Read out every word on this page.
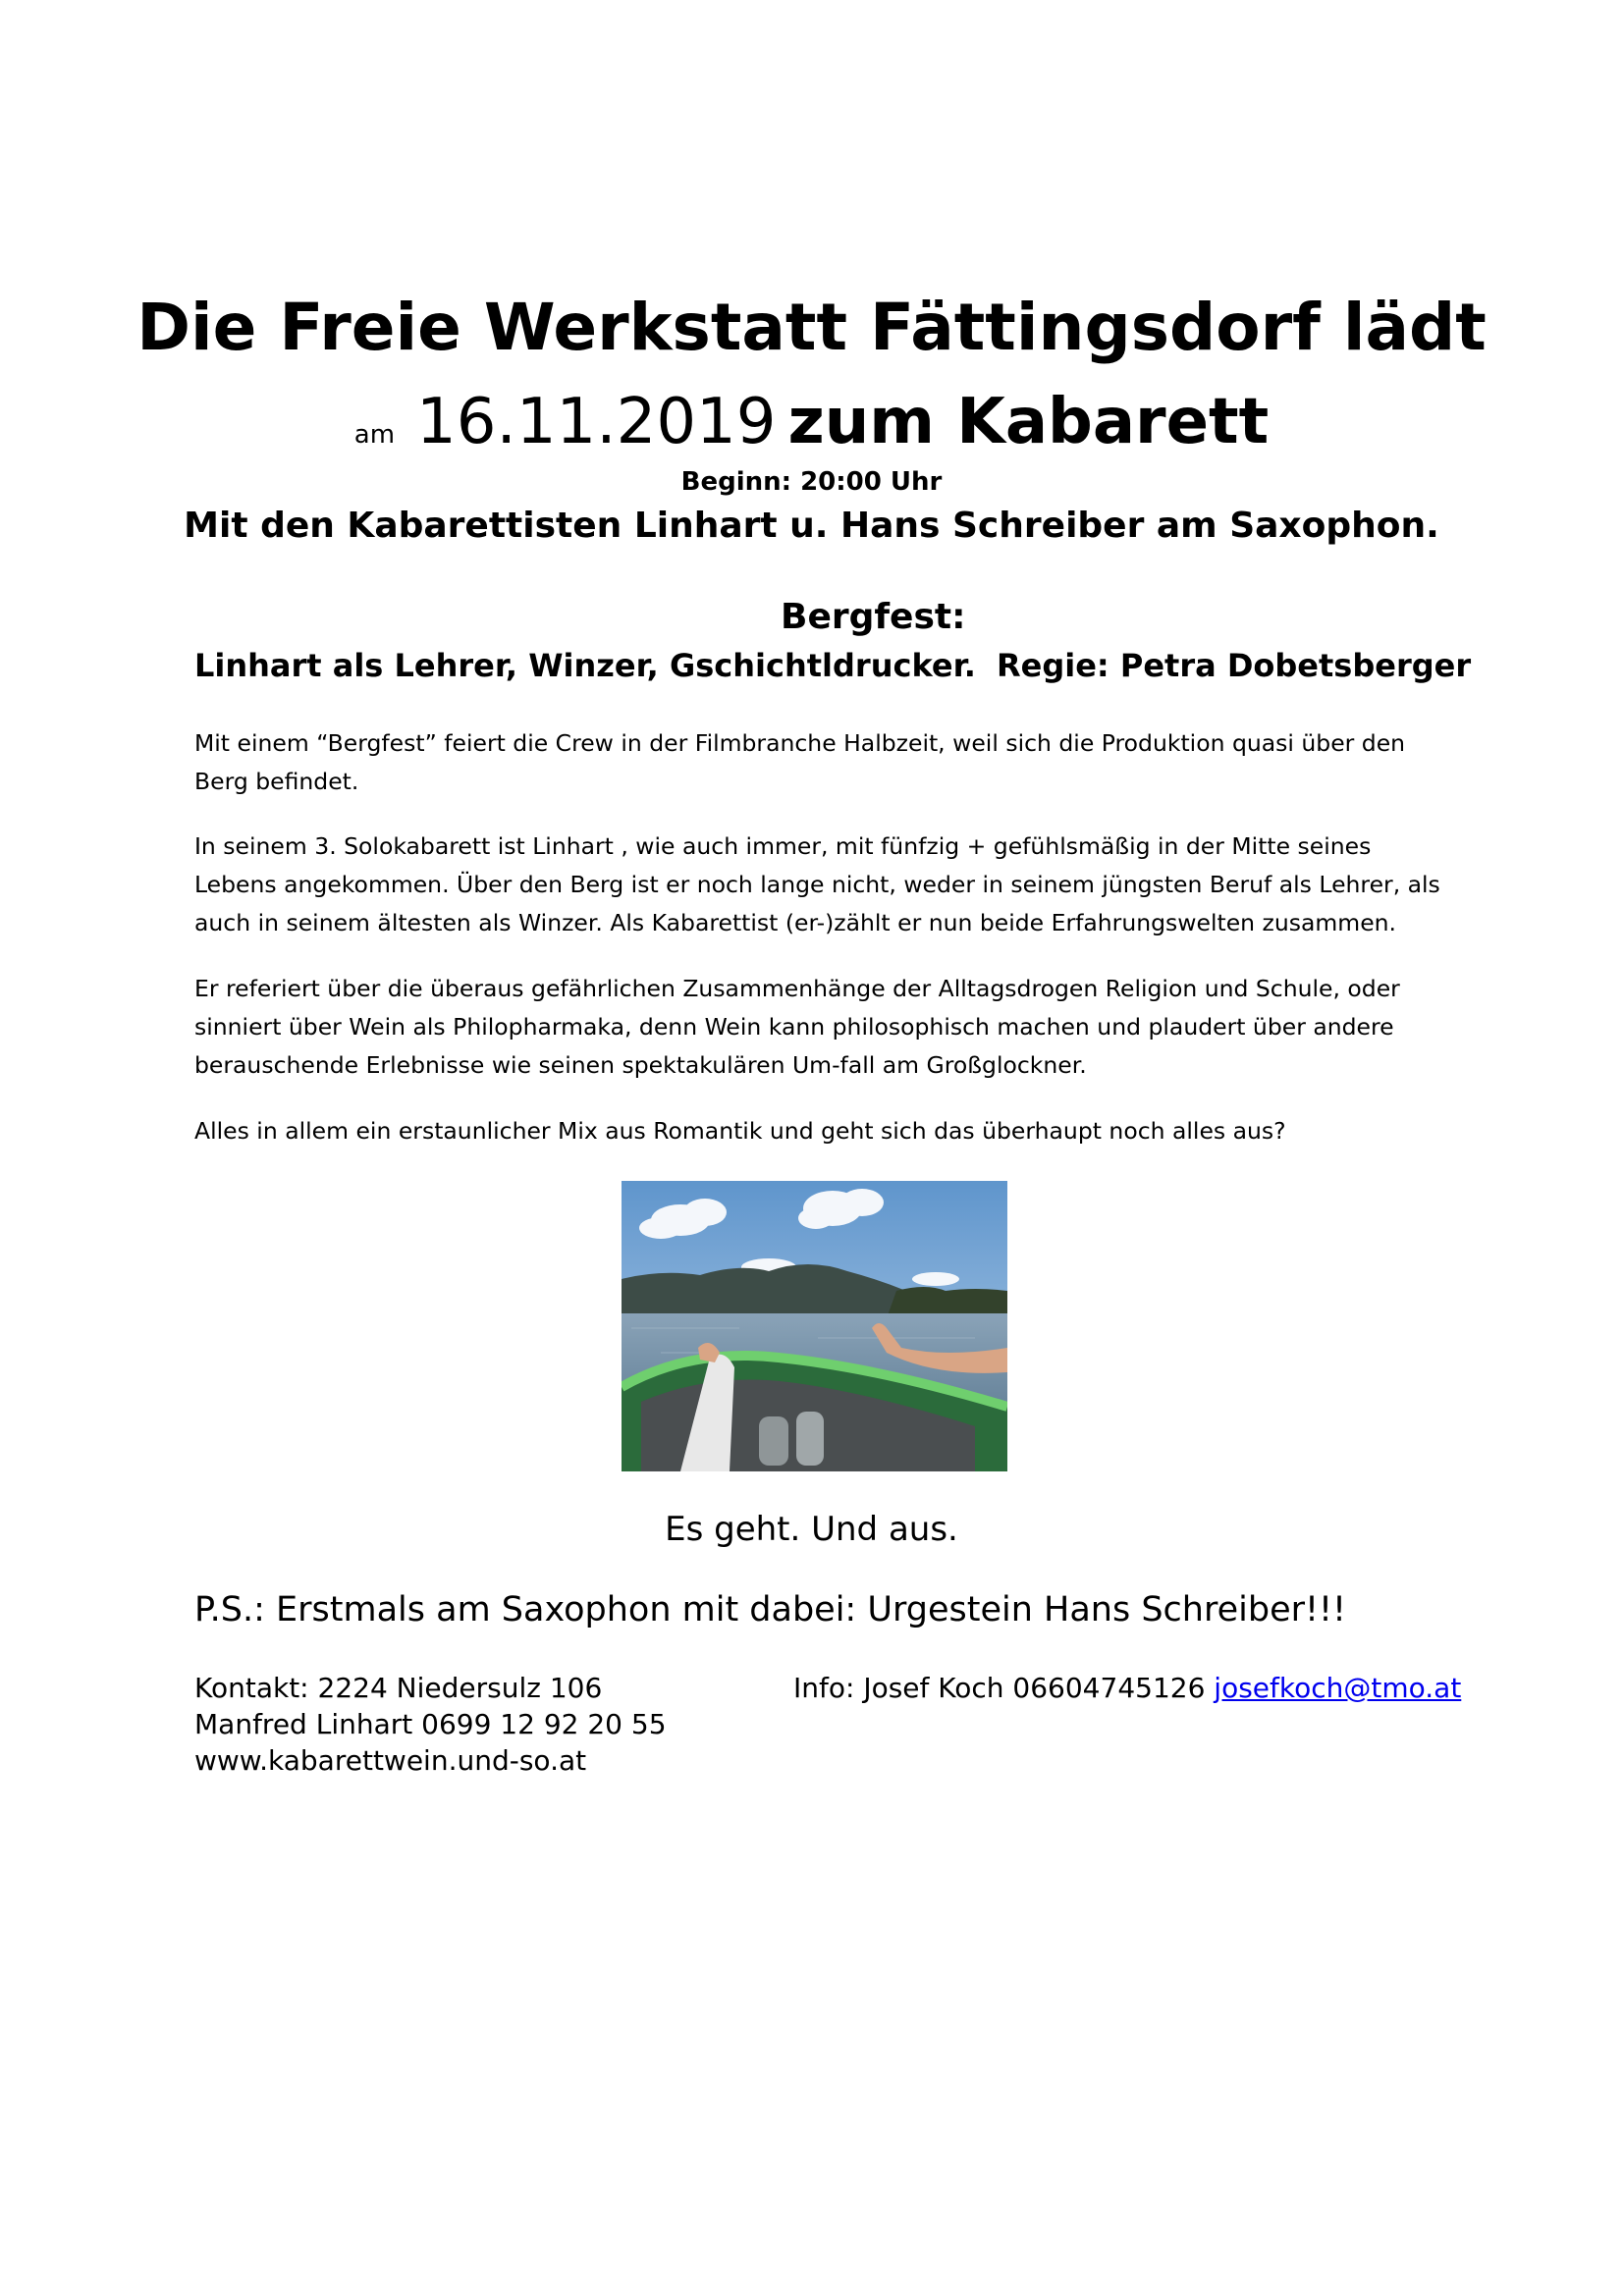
Die Freie Werkstatt Fättingsdorf lädt
am 16.11.2019 zum Kabarett
Beginn: 20:00 Uhr
Mit den Kabarettisten Linhart u. Hans Schreiber am Saxophon.
Bergfest:
Linhart als Lehrer, Winzer, Gschichtldrucker. Regie: Petra Dobetsberger
Mit einem “Bergfest” feiert die Crew in der Filmbranche Halbzeit, weil sich die Produktion quasi über den Berg befindet.
In seinem 3. Solokabarett ist Linhart , wie auch immer, mit fünfzig + gefühlsmäßig in der Mitte seines Lebens angekommen. Über den Berg ist er noch lange nicht, weder in seinem jüngsten Beruf als Lehrer, als auch in seinem ältesten als Winzer. Als Kabarettist (er-)zählt er nun beide Erfahrungswelten zusammen.
Er referiert über die überaus gefährlichen Zusammenhänge der Alltagsdrogen Religion und Schule, oder sinniert über Wein als Philopharmaka, denn Wein kann philosophisch machen und plaudert über andere berauschende Erlebnisse wie seinen spektakulären Um-fall am Großglockner.
Alles in allem ein erstaunlicher Mix aus Romantik und geht sich das überhaupt noch alles aus?
Es geht. Und aus.
P.S.: Erstmals am Saxophon mit dabei: Urgestein Hans Schreiber!!!
Kontakt: 2224 Niedersulz 106
Manfred Linhart 0699 12 92 20 55
www.kabarettwein.und-so.at
Info: Josef Koch 06604745126 josefkoch@tmo.at
